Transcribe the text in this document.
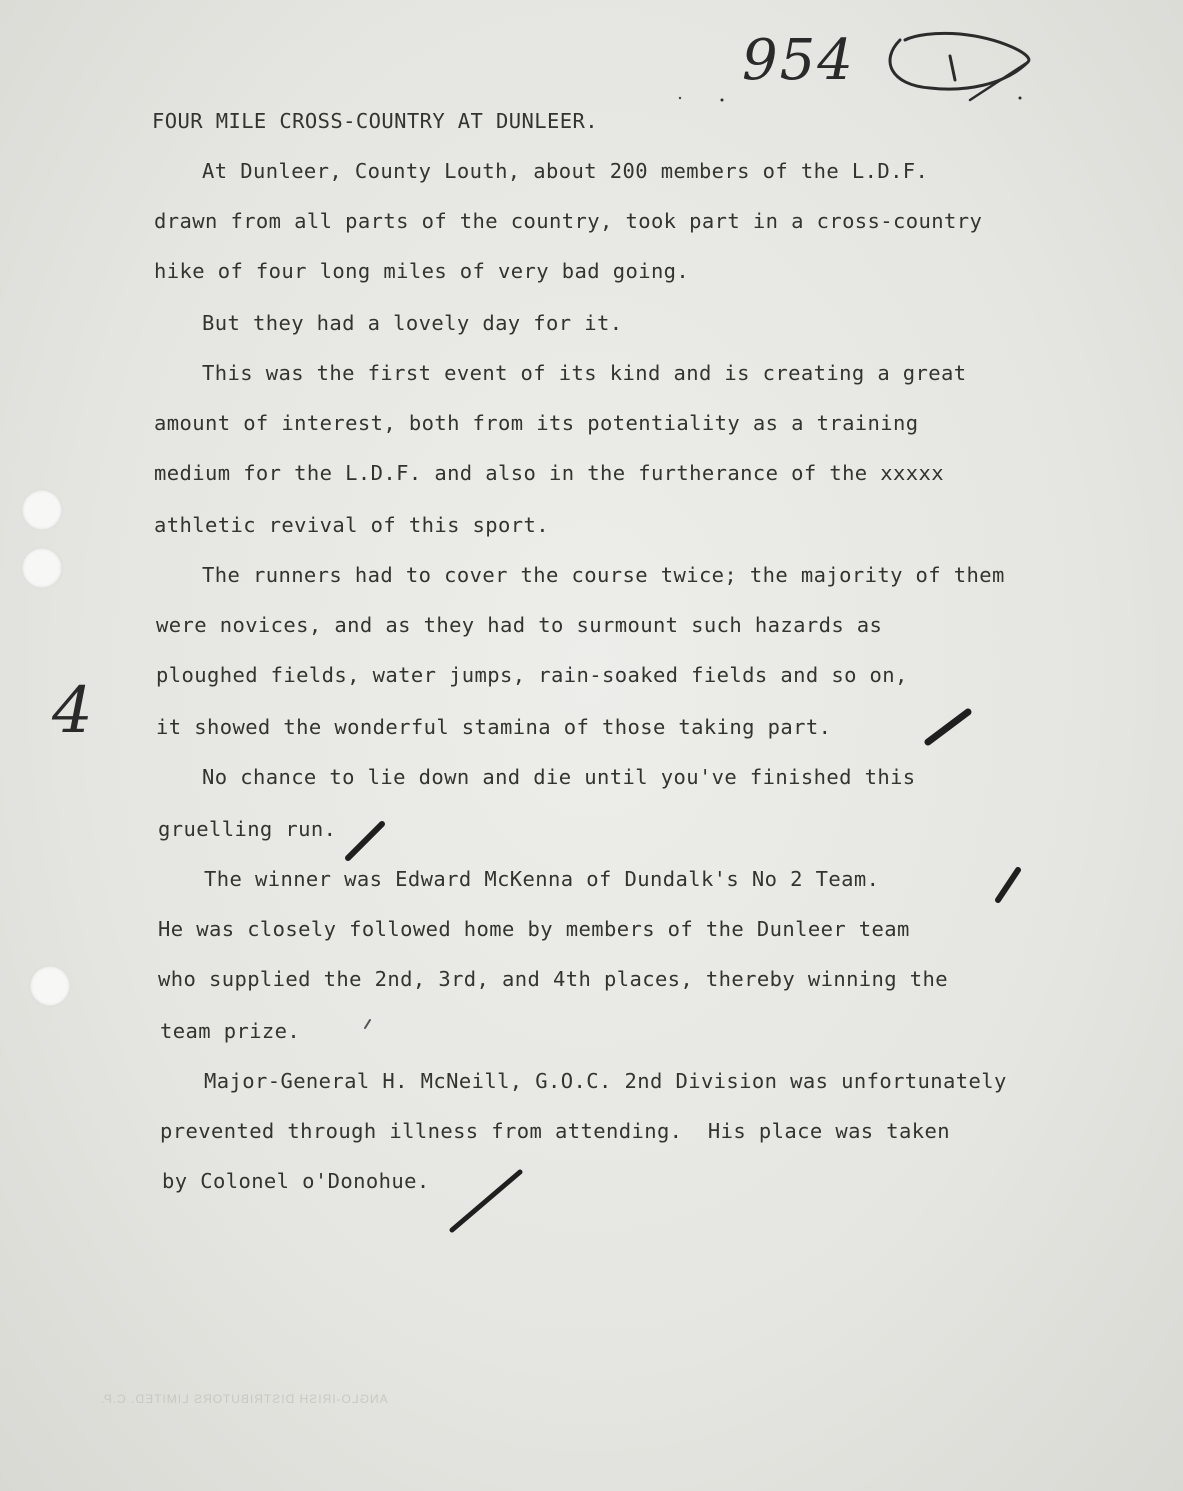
954
4
FOUR MILE CROSS-COUNTRY AT DUNLEER.
At Dunleer, County Louth, about 200 members of the L.D.F.
drawn from all parts of the country, took part in a cross-country
hike of four long miles of very bad going.
But they had a lovely day for it.
This was the first event of its kind and is creating a great
amount of interest, both from its potentiality as a training
medium for the L.D.F. and also in the furtherance of the xxxxx
athletic revival of this sport.
The runners had to cover the course twice; the majority of them
were novices, and as they had to surmount such hazards as
ploughed fields, water jumps, rain-soaked fields and so on,
it showed the wonderful stamina of those taking part.
No chance to lie down and die until you've finished this
gruelling run.
The winner was Edward McKenna of Dundalk's No 2 Team.
He was closely followed home by members of the Dunleer team
who supplied the 2nd, 3rd, and 4th places, thereby winning the
team prize.
Major-General H. McNeill, G.O.C. 2nd Division was unfortunately
prevented through illness from attending.  His place was taken
by Colonel o'Donohue.
ANGLO-IRISH DISTRIBUTORS LIMITED. C.P.
